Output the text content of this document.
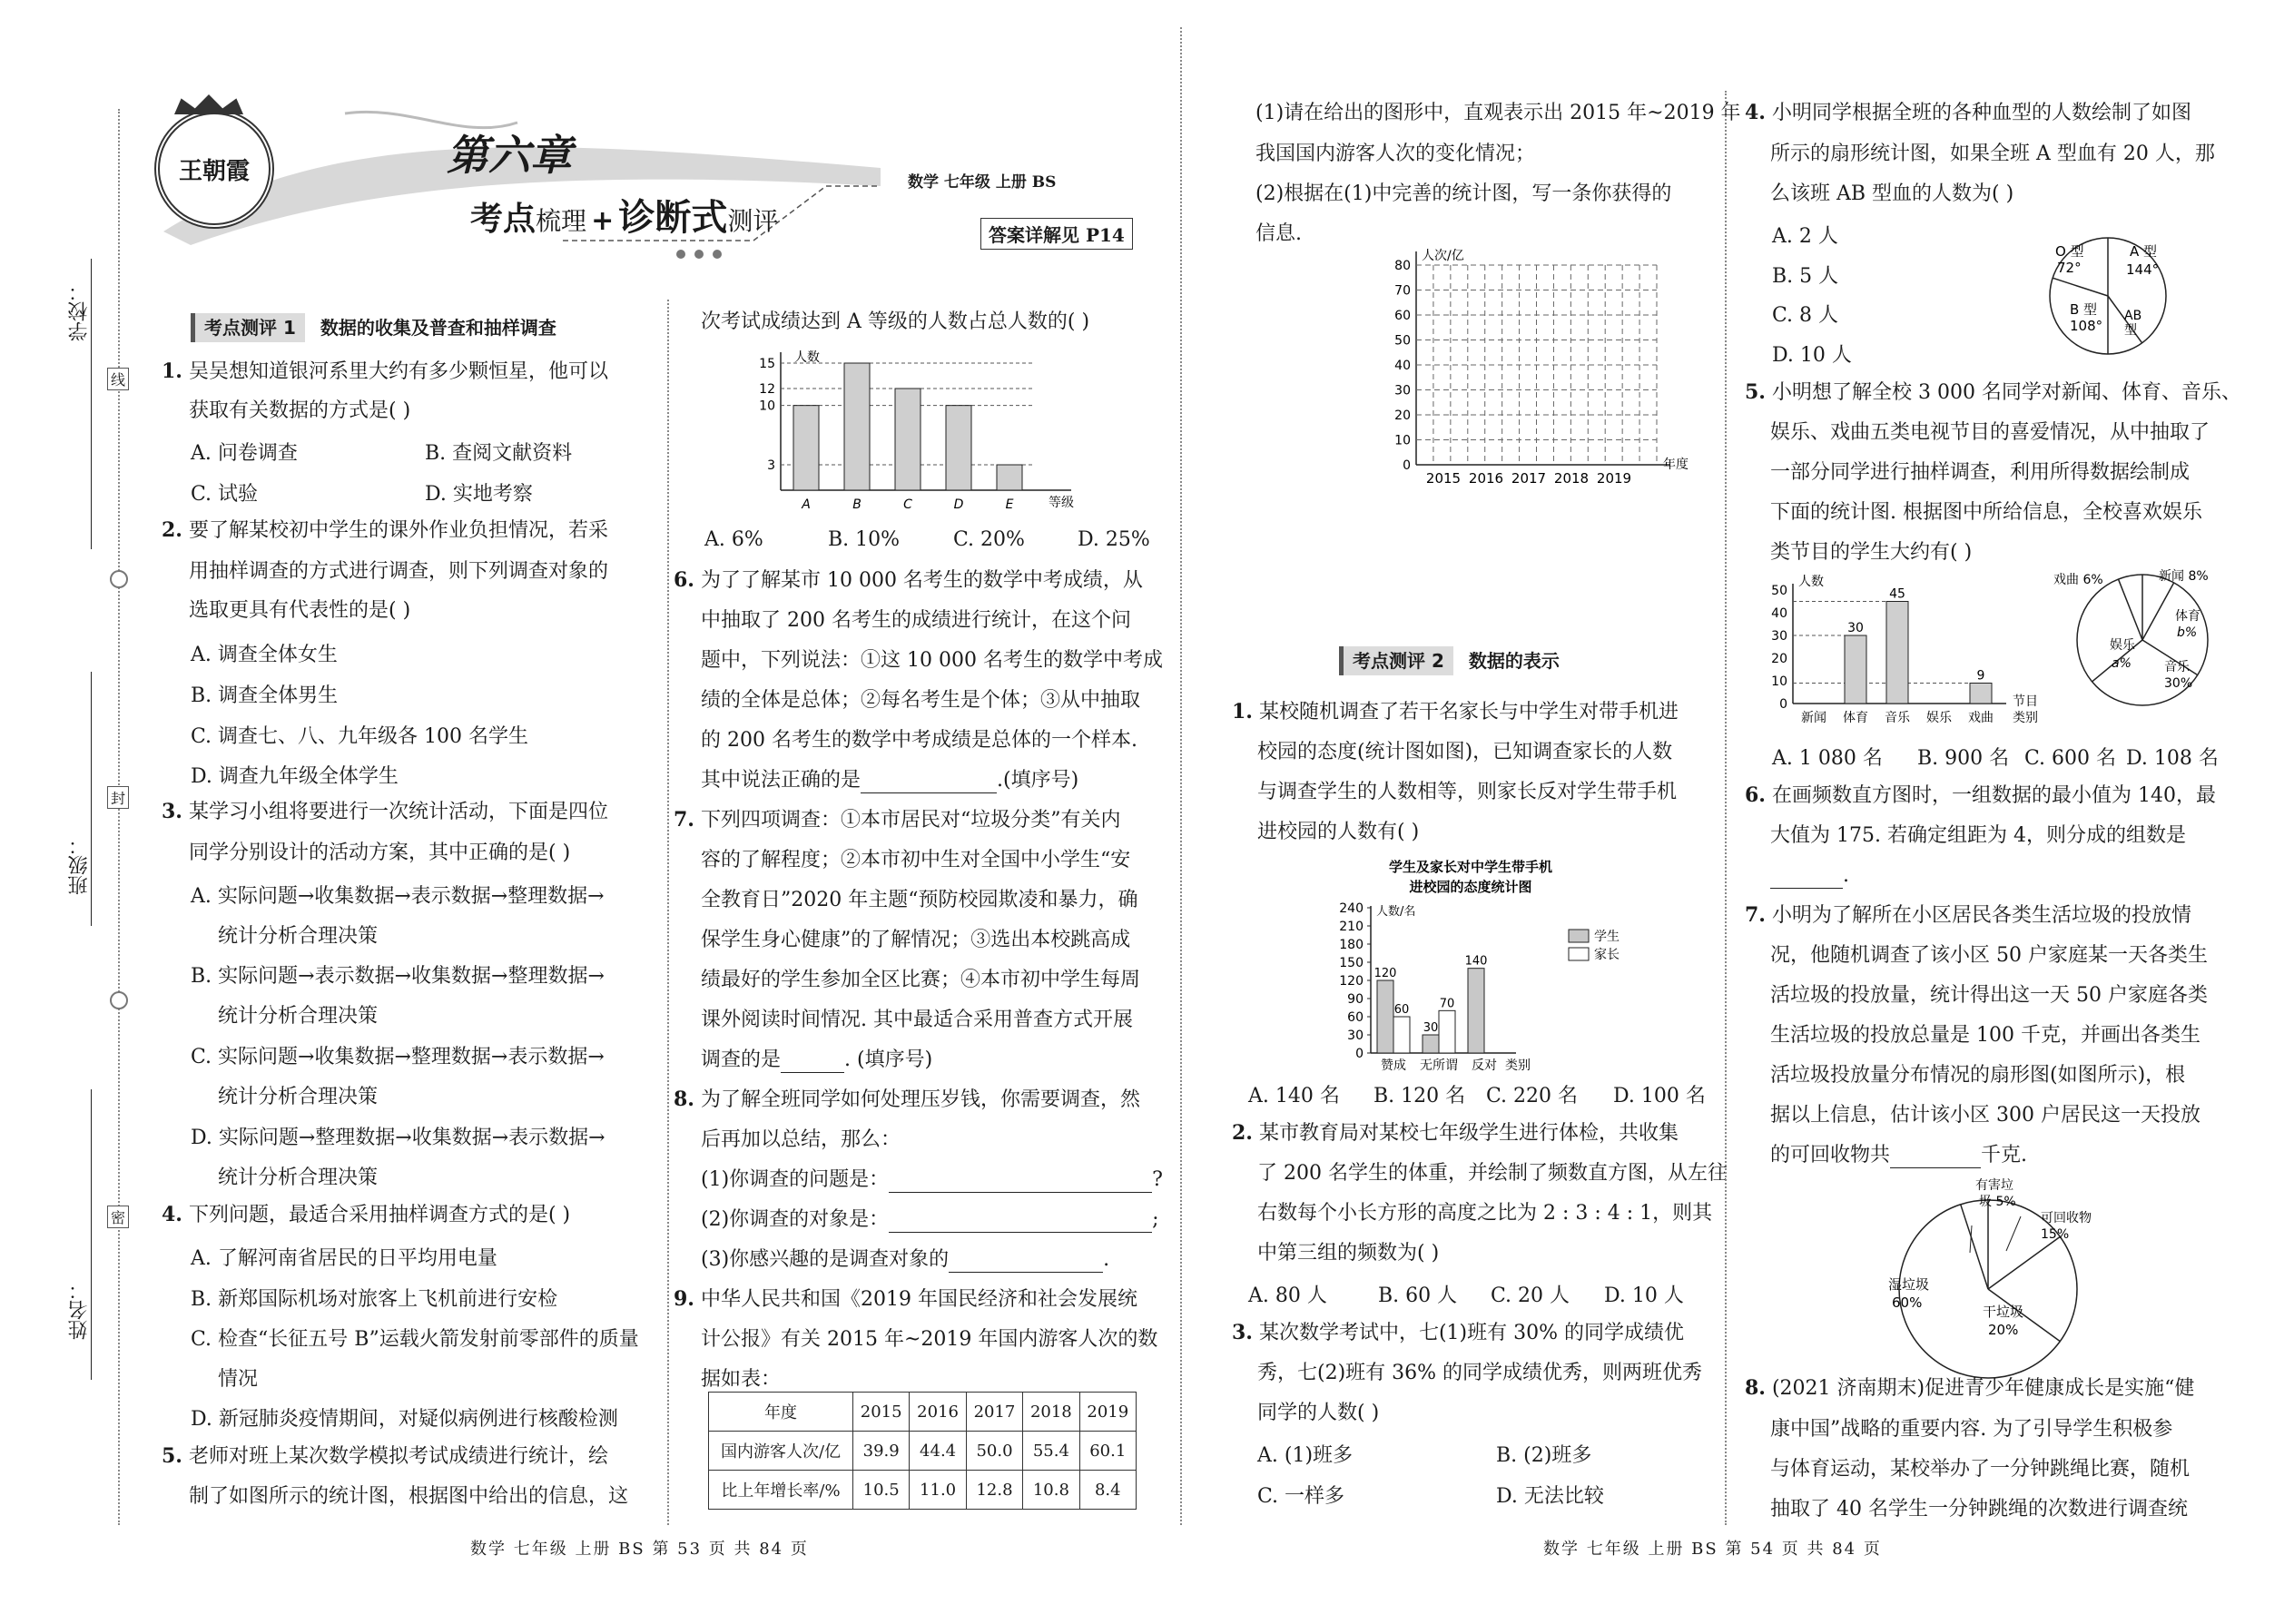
学校：
班级：
姓名：
线
封
密
王朝霞	第六章
考点梳理 + 诊断式测评
数学 七年级 上册 BS
答案详解见 P14
考点测评 1 数据的收集及普查和抽样调查
1. 吴吴想知道银河系里大约有多少颗恒星，他可以
获取有关数据的方式是( )
A. 问卷调查	B. 查阅文献资料
C. 试验	D. 实地考察
2. 要了解某校初中学生的课外作业负担情况，若采
用抽样调查的方式进行调查，则下列调查对象的
选取更具有代表性的是( )
A. 调查全体女生
B. 调查全体男生
C. 调查七、八、九年级各 100 名学生
D. 调查九年级全体学生
3. 某学习小组将要进行一次统计活动，下面是四位
同学分别设计的活动方案，其中正确的是( )
A. 实际问题→收集数据→表示数据→整理数据→
统计分析合理决策
B. 实际问题→表示数据→收集数据→整理数据→
统计分析合理决策
C. 实际问题→收集数据→整理数据→表示数据→
统计分析合理决策
D. 实际问题→整理数据→收集数据→表示数据→
统计分析合理决策
4. 下列问题，最适合采用抽样调查方式的是( )
A. 了解河南省居民的日平均用电量
B. 新郑国际机场对旅客上飞机前进行安检
C. 检查“长征五号 B”运载火箭发射前零部件的质量
情况
D. 新冠肺炎疫情期间，对疑似病例进行核酸检测
5. 老师对班上某次数学模拟考试成绩进行统计，绘
制了如图所示的统计图，根据图中给出的信息，这
次考试成绩达到 A 等级的人数占总人数的( )
人数
等级
3
10
12
15
A	B	C	D	E
A. 6%	B. 10%	C. 20%	D. 25%
6. 为了了解某市 10 000 名考生的数学中考成绩，从
中抽取了 200 名考生的成绩进行统计，在这个问
题中，下列说法：①这 10 000 名考生的数学中考成
绩的全体是总体；②每名考生是个体；③从中抽取
的 200 名考生的数学中考成绩是总体的一个样本.
其中说法正确的是	.(填序号)
7. 下列四项调查：①本市居民对“垃圾分类”有关内
容的了解程度；②本市初中生对全国中小学生“安
全教育日”2020 年主题“预防校园欺凌和暴力，确
保学生身心健康”的了解情况；③选出本校跳高成
绩最好的学生参加全区比赛；④本市初中学生每周
课外阅读时间情况. 其中最适合采用普查方式开展
调查的是	. (填序号)
8. 为了解全班同学如何处理压岁钱，你需要调查，然
后再加以总结，那么：
(1)你调查的问题是：	?
(2)你调查的对象是：	;
(3)你感兴趣的是调查对象的	.
9. 中华人民共和国《2019 年国民经济和社会发展统
计公报》有关 2015 年~2019 年国内游客人次的数
据如表：
年度	2015	2016	2017	2018	2019
国内游客人次/亿	39.9	44.4	50.0	55.4	60.1
比上年增长率/%	10.5	11.0	12.8	10.8	8.4
数学 七年级 上册 BS 第 53 页 共 84 页
(1)请在给出的图形中，直观表示出 2015 年~2019 年
我国国内游客人次的变化情况；
(2)根据在(1)中完善的统计图，写一条你获得的
信息.
人次/亿
年度
0
10
20
30
40
50
60
70
80
2015 2016 2017 2018 2019
考点测评 2 数据的表示
1. 某校随机调查了若干名家长与中学生对带手机进
校园的态度(统计图如图)，已知调查家长的人数
与调查学生的人数相等，则家长反对学生带手机
进校园的人数有( )
学生及家长对中学生带手机
进校园的态度统计图
人数/名
类别
学生
家长
120
60
30
70
140
0
30
60
90
120
150
180
210
240
赞成 无所谓 反对
A. 140 名 B. 120 名 C. 220 名 D. 100 名
2. 某市教育局对某校七年级学生进行体检，共收集
了 200 名学生的体重，并绘制了频数直方图，从左往
右数每个小长方形的高度之比为 2 : 3 : 4 : 1，则其
中第三组的频数为( )
A. 80 人	B. 60 人 C. 20 人 D. 10 人
3. 某次数学考试中，七(1)班有 30% 的同学成绩优
秀，七(2)班有 36% 的同学成绩优秀，则两班优秀
同学的人数( )
A. (1)班多	B. (2)班多
C. 一样多	D. 无法比较
4. 小明同学根据全班的各种血型的人数绘制了如图
所示的扇形统计图，如果全班 A 型血有 20 人，那
么该班 AB 型血的人数为( )
A. 2 人
B. 5 人
C. 8 人
D. 10 人
O 型
72°
A 型
144°
AB
型
B 型
108°
5. 小明想了解全校 3 000 名同学对新闻、体育、音乐、
娱乐、戏曲五类电视节目的喜爱情况，从中抽取了
一部分同学进行抽样调查，利用所得数据绘制成
下面的统计图. 根据图中所给信息，全校喜欢娱乐
类节目的学生大约有( )
人数
节目
类别
0
10
20
30
40
50
新闻 体育 音乐 娱乐 戏曲
30
45
9
戏曲 6%	新闻 8%
体育
b%
音乐
30%
娱乐
a%
A. 1 080 名 B. 900 名 C. 600 名 D. 108 名
6. 在画频数直方图时，一组数据的最小值为 140，最
大值为 175. 若确定组距为 4，则分成的组数是
.
7. 小明为了解所在小区居民各类生活垃圾的投放情
况，他随机调查了该小区 50 户家庭某一天各类生
活垃圾的投放量，统计得出这一天 50 户家庭各类
生活垃圾的投放总量是 100 千克，并画出各类生
活垃圾投放量分布情况的扇形图(如图所示)，根
据以上信息，估计该小区 300 户居民这一天投放
的可回收物共	千克.
有害垃
圾 5%
可回收物
15%
干垃圾
20%
湿垃圾
60%
8. (2021 济南期末)促进青少年健康成长是实施“健
康中国”战略的重要内容. 为了引导学生积极参
与体育运动，某校举办了一分钟跳绳比赛，随机
抽取了 40 名学生一分钟跳绳的次数进行调查统
数学 七年级 上册 BS 第 54 页 共 84 页
